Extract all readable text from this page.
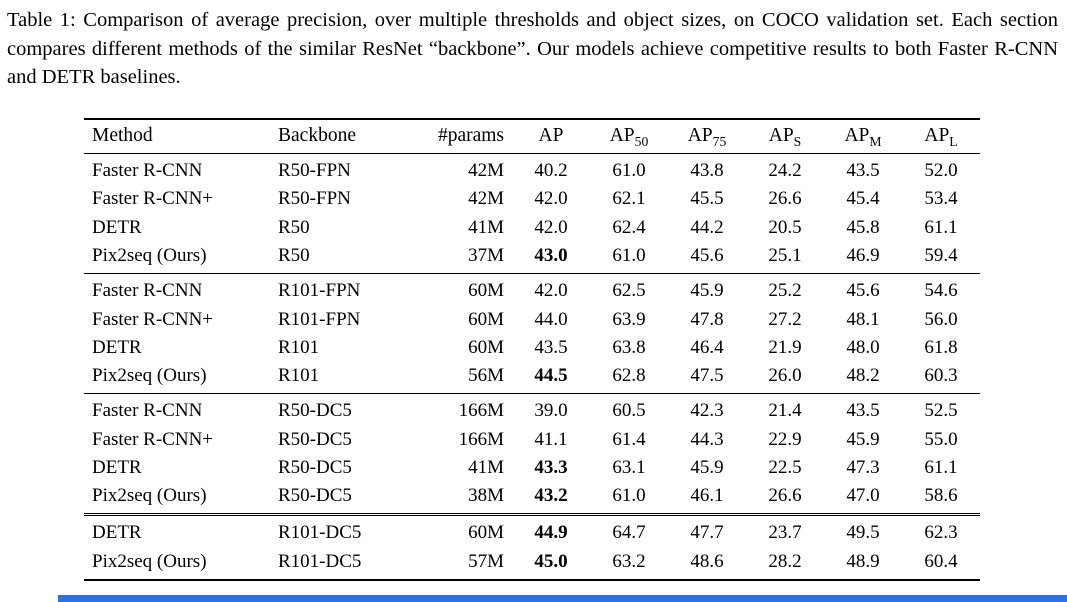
Table 1: Comparison of average precision, over multiple thresholds and object sizes, on COCO validation set. Each section compares different methods of the similar ResNet “backbone”. Our models achieve competitive results to both Faster R-CNN and DETR baselines.

Method	Backbone	#params	AP	$AP_{50}$	$AP_{75}$	$AP_S$	$AP_M$	$AP_L$
Faster R-CNN	R50-FPN	42M	40.2	61.0	43.8	24.2	43.5	52.0
Faster R-CNN+	R50-FPN	42M	42.0	62.1	45.5	26.6	45.4	53.4
DETR	R50	41M	42.0	62.4	44.2	20.5	45.8	61.1
Pix2seq (Ours)	R50	37M	43.0	61.0	45.6	25.1	46.9	59.4
Faster R-CNN	R101-FPN	60M	42.0	62.5	45.9	25.2	45.6	54.6
Faster R-CNN+	R101-FPN	60M	44.0	63.9	47.8	27.2	48.1	56.0
DETR	R101	60M	43.5	63.8	46.4	21.9	48.0	61.8
Pix2seq (Ours)	R101	56M	44.5	62.8	47.5	26.0	48.2	60.3
Faster R-CNN	R50-DC5	166M	39.0	60.5	42.3	21.4	43.5	52.5
Faster R-CNN+	R50-DC5	166M	41.1	61.4	44.3	22.9	45.9	55.0
DETR	R50-DC5	41M	43.3	63.1	45.9	22.5	47.3	61.1
Pix2seq (Ours)	R50-DC5	38M	43.2	61.0	46.1	26.6	47.0	58.6
DETR	R101-DC5	60M	44.9	64.7	47.7	23.7	49.5	62.3
Pix2seq (Ours)	R101-DC5	57M	45.0	63.2	48.6	28.2	48.9	60.4
